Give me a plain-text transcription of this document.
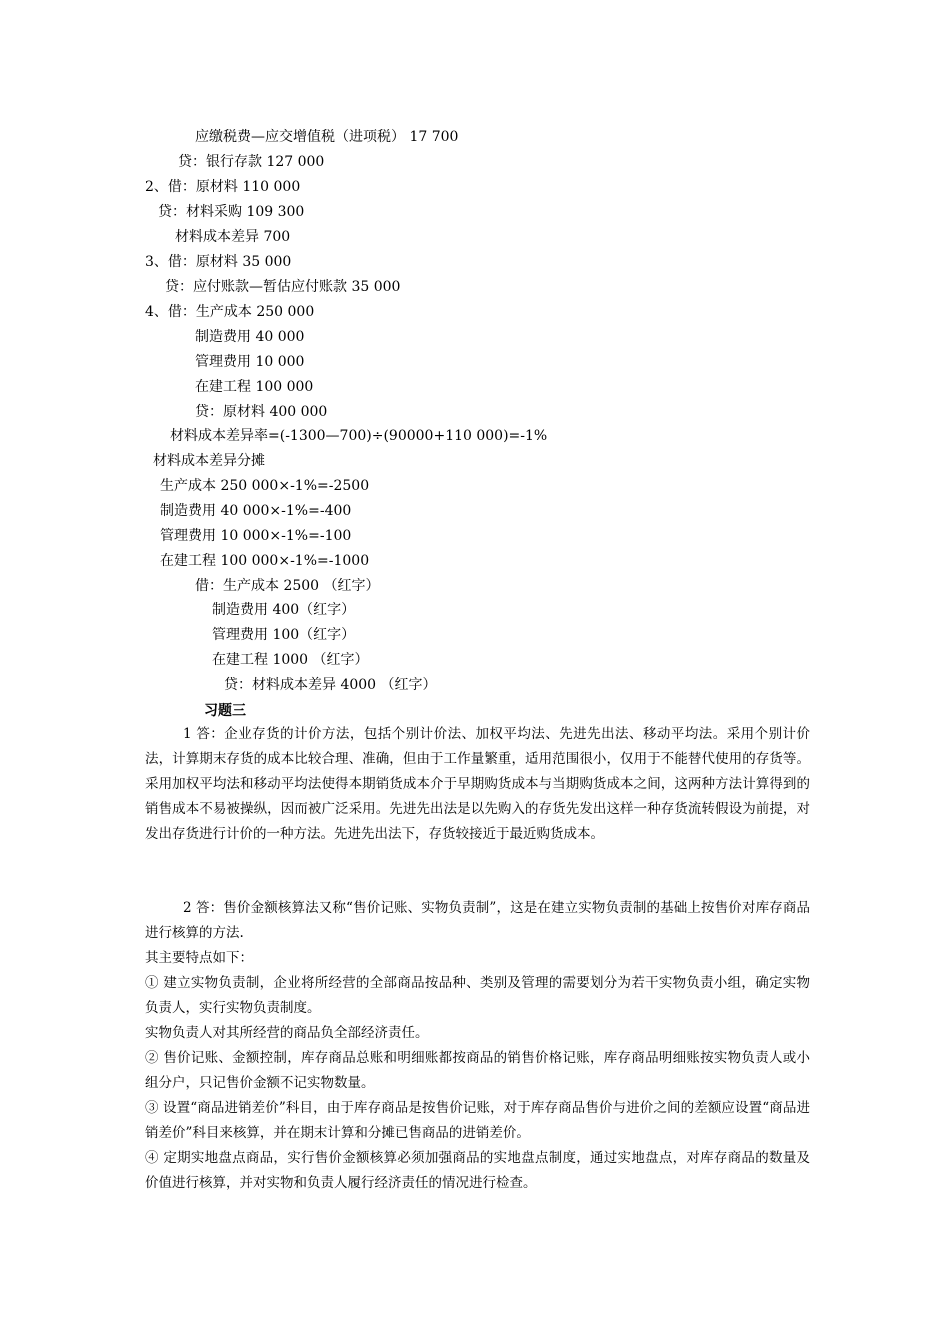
应缴税费—应交增值税（进项税） 17 700
贷：银行存款 127 000
2、借：原材料 110 000
贷：材料采购 109 300
材料成本差异 700
3、借：原材料 35 000
贷：应付账款—暂估应付账款 35 000
4、借：生产成本 250 000
制造费用 40 000
管理费用 10 000
在建工程 100 000
贷：原材料 400 000
材料成本差异率=(-1300—700)÷(90000+110 000)=-1%
材料成本差异分摊
生产成本 250 000×-1%=-2500
制造费用 40 000×-1%=-400
管理费用 10 000×-1%=-100
在建工程 100 000×-1%=-1000
借：生产成本 2500 （红字）
制造费用 400（红字）
管理费用 100（红字）
在建工程 1000 （红字）
贷：材料成本差异 4000 （红字）
习题三
1 答：企业存货的计价方法，包括个别计价法、加权平均法、先进先出法、移动平均法。采用个别计价法，计算期末存货的成本比较合理、准确，但由于工作量繁重，适用范围很小，仅用于不能替代使用的存货等。采用加权平均法和移动平均法使得本期销货成本介于早期购货成本与当期购货成本之间，这两种方法计算得到的销售成本不易被操纵，因而被广泛采用。先进先出法是以先购入的存货先发出这样一种存货流转假设为前提，对发出存货进行计价的一种方法。先进先出法下，存货较接近于最近购货成本。
2 答：售价金额核算法又称“售价记账、实物负责制”，这是在建立实物负责制的基础上按售价对库存商品进行核算的方法.
其主要特点如下：
① 建立实物负责制，企业将所经营的全部商品按品种、类别及管理的需要划分为若干实物负责小组，确定实物负责人，实行实物负责制度。
实物负责人对其所经营的商品负全部经济责任。
② 售价记账、金额控制，库存商品总账和明细账都按商品的销售价格记账，库存商品明细账按实物负责人或小组分户，只记售价金额不记实物数量。
③ 设置“商品进销差价”科目，由于库存商品是按售价记账，对于库存商品售价与进价之间的差额应设置“商品进销差价”科目来核算，并在期末计算和分摊已售商品的进销差价。
④ 定期实地盘点商品，实行售价金额核算必须加强商品的实地盘点制度，通过实地盘点，对库存商品的数量及价值进行核算，并对实物和负责人履行经济责任的情况进行检查。
